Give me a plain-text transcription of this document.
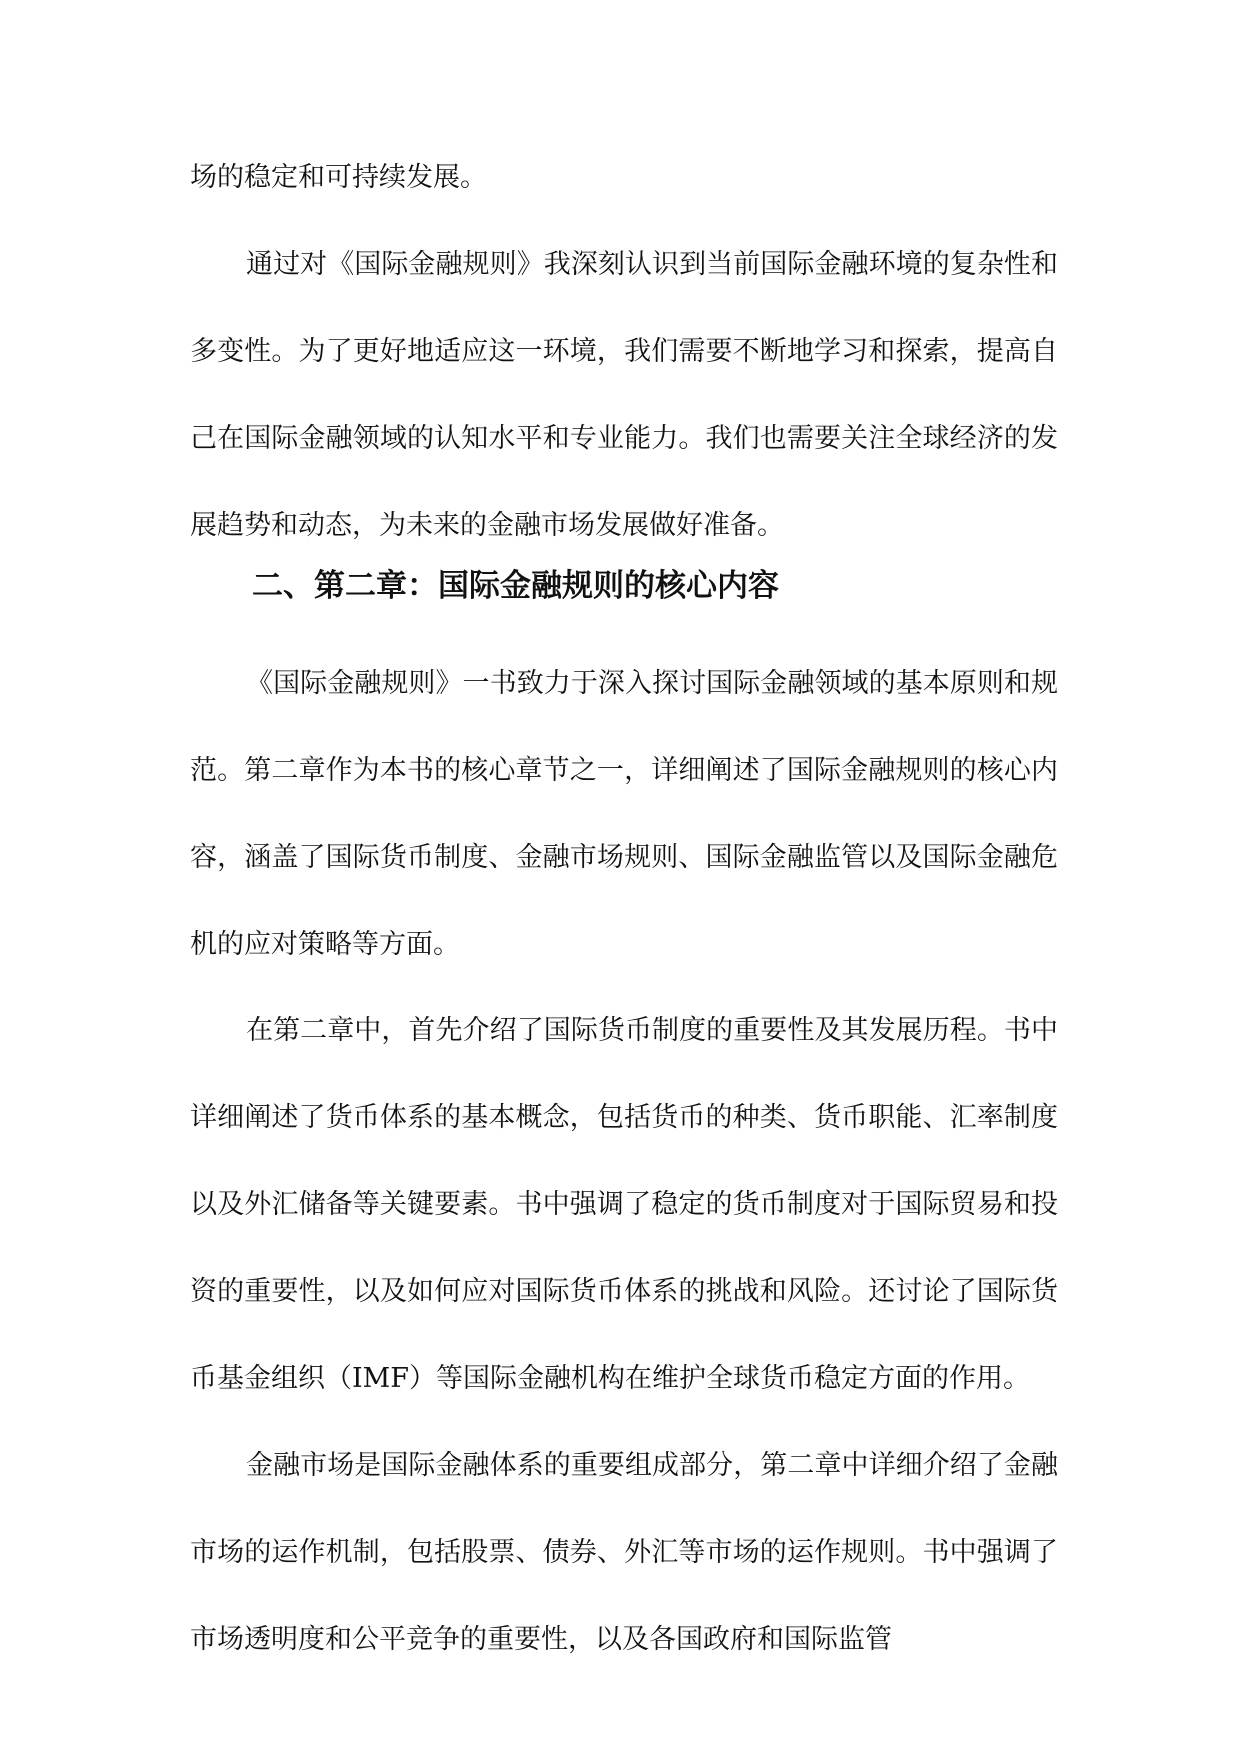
场的稳定和可持续发展。

通过对《国际金融规则》我深刻认识到当前国际金融环境的复杂性和多变性。为了更好地适应这一环境，我们需要不断地学习和探索，提高自己在国际金融领域的认知水平和专业能力。我们也需要关注全球经济的发展趋势和动态，为未来的金融市场发展做好准备。

二、第二章：国际金融规则的核心内容

《国际金融规则》一书致力于深入探讨国际金融领域的基本原则和规范。第二章作为本书的核心章节之一，详细阐述了国际金融规则的核心内容，涵盖了国际货币制度、金融市场规则、国际金融监管以及国际金融危机的应对策略等方面。

在第二章中，首先介绍了国际货币制度的重要性及其发展历程。书中详细阐述了货币体系的基本概念，包括货币的种类、货币职能、汇率制度以及外汇储备等关键要素。书中强调了稳定的货币制度对于国际贸易和投资的重要性，以及如何应对国际货币体系的挑战和风险。还讨论了国际货币基金组织（IMF）等国际金融机构在维护全球货币稳定方面的作用。

金融市场是国际金融体系的重要组成部分，第二章中详细介绍了金融市场的运作机制，包括股票、债券、外汇等市场的运作规则。书中强调了市场透明度和公平竞争的重要性，以及各国政府和国际监管
